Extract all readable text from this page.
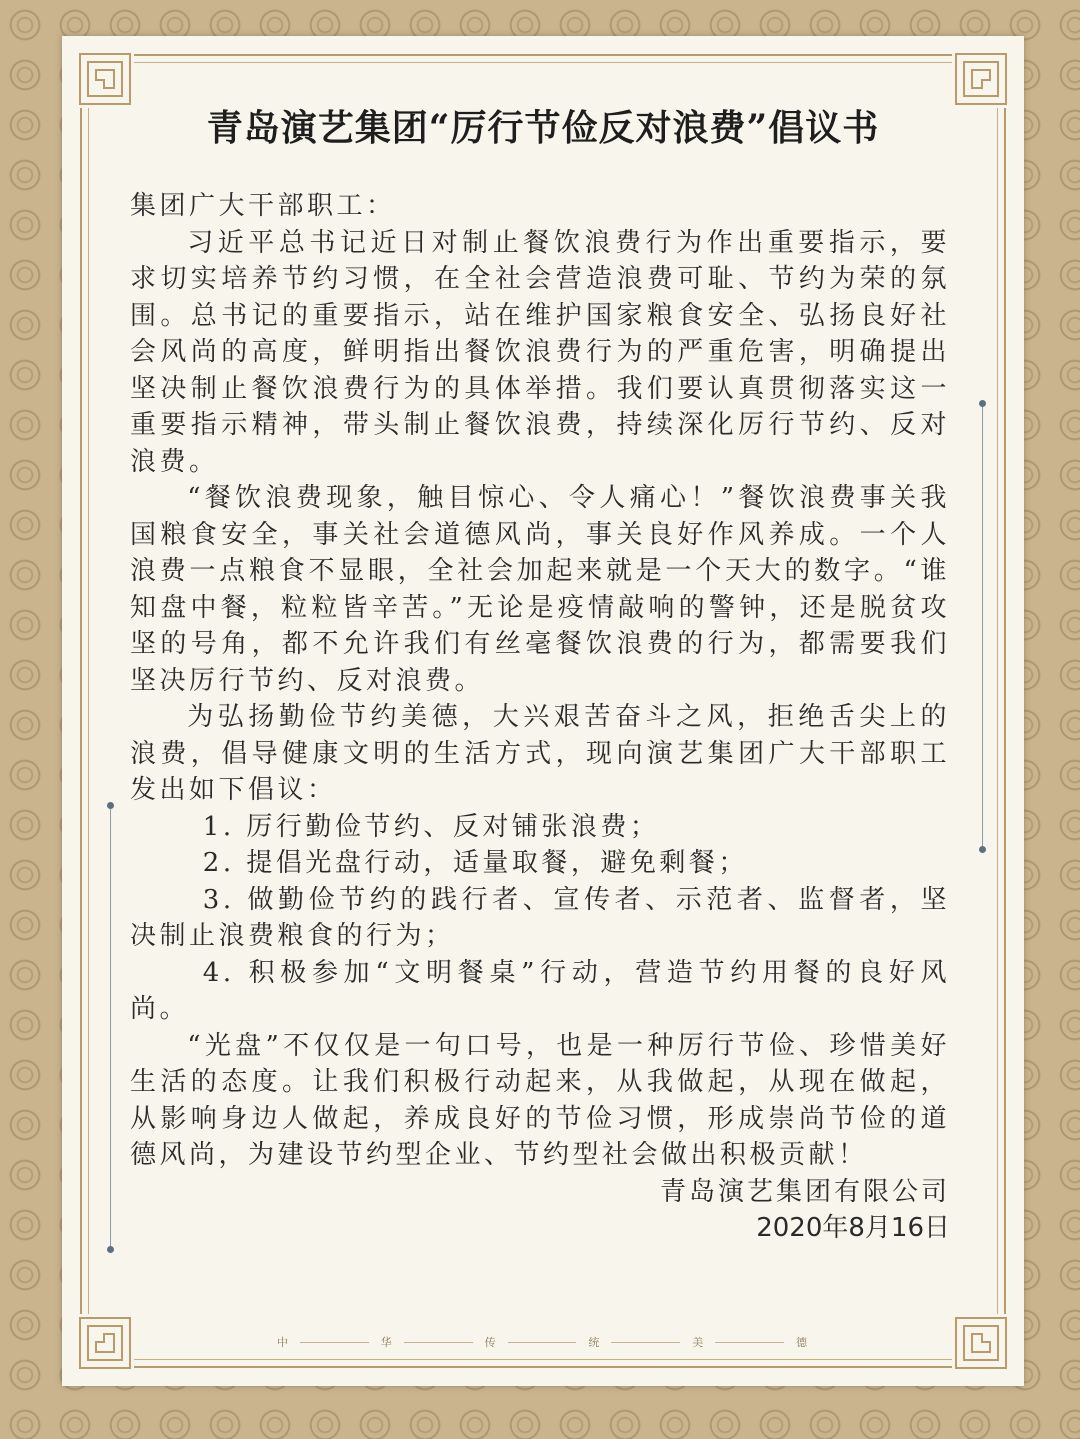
青岛演艺集团“厉行节俭反对浪费”倡议书

集团广大干部职工：

习近平总书记近日对制止餐饮浪费行为作出重要指示，要求切实培养节约习惯，在全社会营造浪费可耻、节约为荣的氛围。总书记的重要指示，站在维护国家粮食安全、弘扬良好社会风尚的高度，鲜明指出餐饮浪费行为的严重危害，明确提出坚决制止餐饮浪费行为的具体举措。我们要认真贯彻落实这一重要指示精神，带头制止餐饮浪费，持续深化厉行节约、反对浪费。

“餐饮浪费现象，触目惊心、令人痛心！”餐饮浪费事关我国粮食安全，事关社会道德风尚，事关良好作风养成。一个人浪费一点粮食不显眼，全社会加起来就是一个天大的数字。“谁知盘中餐，粒粒皆辛苦。”无论是疫情敲响的警钟，还是脱贫攻坚的号角，都不允许我们有丝毫餐饮浪费的行为，都需要我们坚决厉行节约、反对浪费。

为弘扬勤俭节约美德，大兴艰苦奋斗之风，拒绝舌尖上的浪费，倡导健康文明的生活方式，现向演艺集团广大干部职工发出如下倡议：

1. 厉行勤俭节约、反对铺张浪费；

2. 提倡光盘行动，适量取餐，避免剩餐；

3. 做勤俭节约的践行者、宣传者、示范者、监督者，坚决制止浪费粮食的行为；

4. 积极参加“文明餐桌”行动，营造节约用餐的良好风尚。

“光盘”不仅仅是一句口号，也是一种厉行节俭、珍惜美好生活的态度。让我们积极行动起来，从我做起，从现在做起，从影响身边人做起，养成良好的节俭习惯，形成崇尚节俭的道德风尚，为建设节约型企业、节约型社会做出积极贡献！

青岛演艺集团有限公司

2020年8月16日

中	华	传	统	美	德
